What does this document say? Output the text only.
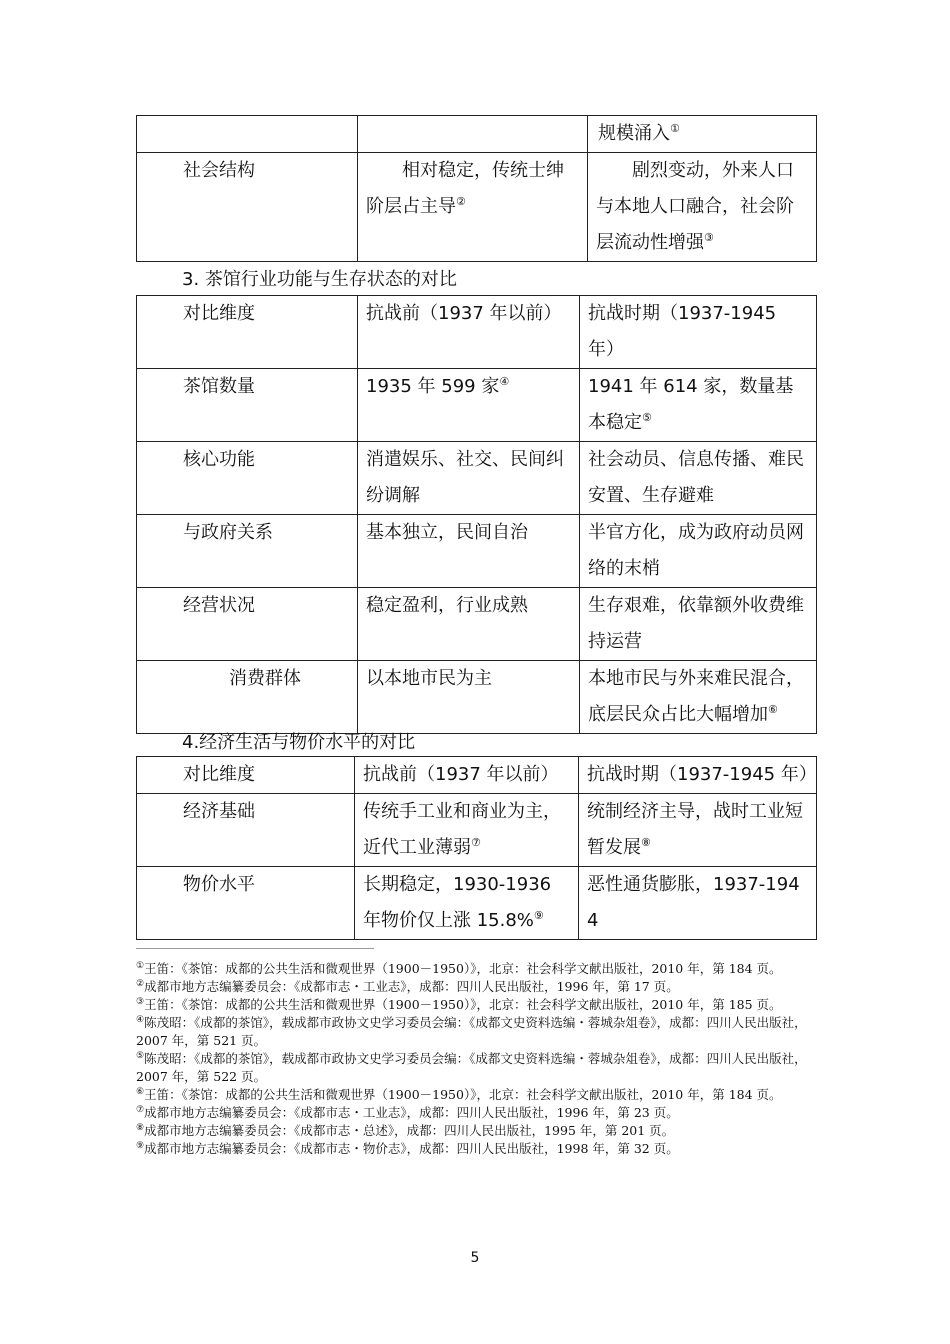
		规模涌入①
社会结构	相对稳定，传统士绅阶层占主导②	剧烈变动，外来人口与本地人口融合，社会阶层流动性增强③
3. 茶馆行业功能与生存状态的对比
对比维度	抗战前（1937 年以前）	抗战时期（1937-1945 年）
茶馆数量	1935 年 599 家④	1941 年 614 家，数量基本稳定⑤
核心功能	消遣娱乐、社交、民间纠纷调解	社会动员、信息传播、难民安置、生存避难
与政府关系	基本独立，民间自治	半官方化，成为政府动员网络的末梢
经营状况	稳定盈利，行业成熟	生存艰难，依靠额外收费维持运营
消费群体	以本地市民为主	本地市民与外来难民混合，底层民众占比大幅增加⑥
4.经济生活与物价水平的对比
对比维度	抗战前（1937 年以前）	抗战时期（1937-1945 年）
经济基础	传统手工业和商业为主，近代工业薄弱⑦	统制经济主导，战时工业短暂发展⑧
物价水平	长期稳定，1930-1936 年物价仅上涨 15.8%⑨	恶性通货膨胀，1937-1944

①王笛：《茶馆：成都的公共生活和微观世界（1900－1950）》，北京：社会科学文献出版社，2010 年，第 184 页。

②成都市地方志编纂委员会：《成都市志・工业志》，成都：四川人民出版社，1996 年，第 17 页。

③王笛：《茶馆：成都的公共生活和微观世界（1900－1950）》，北京：社会科学文献出版社，2010 年，第 185 页。

④陈茂昭：《成都的茶馆》，载成都市政协文史学习委员会编：《成都文史资料选编・蓉城杂俎卷》，成都：四川人民出版社，2007 年，第 521 页。

⑤陈茂昭：《成都的茶馆》，载成都市政协文史学习委员会编：《成都文史资料选编・蓉城杂俎卷》，成都：四川人民出版社，2007 年，第 522 页。

⑥王笛：《茶馆：成都的公共生活和微观世界（1900－1950）》，北京：社会科学文献出版社，2010 年，第 184 页。

⑦成都市地方志编纂委员会：《成都市志・工业志》，成都：四川人民出版社，1996 年，第 23 页。

⑧成都市地方志编纂委员会：《成都市志・总述》，成都：四川人民出版社，1995 年，第 201 页。

⑨成都市地方志编纂委员会：《成都市志・物价志》，成都：四川人民出版社，1998 年，第 32 页。

5
